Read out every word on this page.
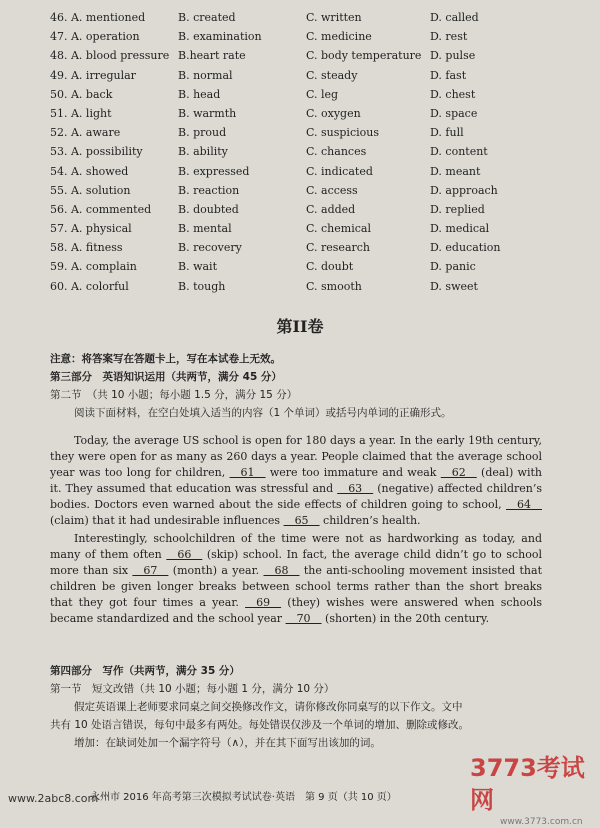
46. A. mentioned	B. created	C. written	D. called
47. A. operation	B. examination	C. medicine	D. rest
48. A. blood pressure B.heart rate	C. body temperature D. pulse
49. A. irregular	B. normal	C. steady	D. fast
50. A. back	B. head	C. leg	D. chest
51. A. light	B. warmth	C. oxygen	D. space
52. A. aware	B. proud	C. suspicious	D. full
53. A. possibility	B. ability	C. chances	D. content
54. A. showed	B. expressed	C. indicated	D. meant
55. A. solution	B. reaction	C. access	D. approach
56. A. commented	B. doubted	C. added	D. replied
57. A. physical	B. mental	C. chemical	D. medical
58. A. fitness	B. recovery	C. research	D. education
59. A. complain	B. wait	C. doubt	D. panic
60. A. colorful	B. tough	C. smooth	D. sweet
第II卷
注意：将答案写在答题卡上，写在本试卷上无效。
第三部分　英语知识运用（共两节，满分 45 分）
第二节　（共 10 小题；每小题 1.5 分，满分 15 分）
阅读下面材料，在空白处填入适当的内容（1 个单词）或括号内单词的正确形式。

Today, the average US school is open for 180 days a year. In the early 19th century, they were open for as many as 260 days a year. People claimed that the average school year was too long for children,   61   were too immature and weak   62   (deal) with it. They assumed that education was stressful and   63   (negative) affected children’s bodies. Doctors even warned about the side effects of children going to school,   64   (claim) that it had undesirable influences   65   children’s health.

Interestingly, schoolchildren of the time were not as hardworking as today, and many of them often   66   (skip) school. In fact, the average child didn’t go to school more than six   67   (month) a year.   68   the anti-schooling movement insisted that children be given longer breaks between school terms rather than the short breaks that they got four times a year.   69   (they) wishes were answered when schools became standardized and the school year   70   (shorten) in the 20th century.

第四部分　写作（共两节，满分 35 分）
第一节　短文改错（共 10 小题；每小题 1 分，满分 10 分）
假定英语课上老师要求同桌之间交换修改作文，请你修改你同桌写的以下作文。文中
共有 10 处语言错误，每句中最多有两处。每处错误仅涉及一个单词的增加、删除或修改。
增加：在缺词处加一个漏字符号（∧），并在其下面写出该加的词。
永州市 2016 年高考第三次模拟考试试卷·英语　第 9 页（共 10 页）
www.2abc8.com
3773考试网
www.3773.com.cn
